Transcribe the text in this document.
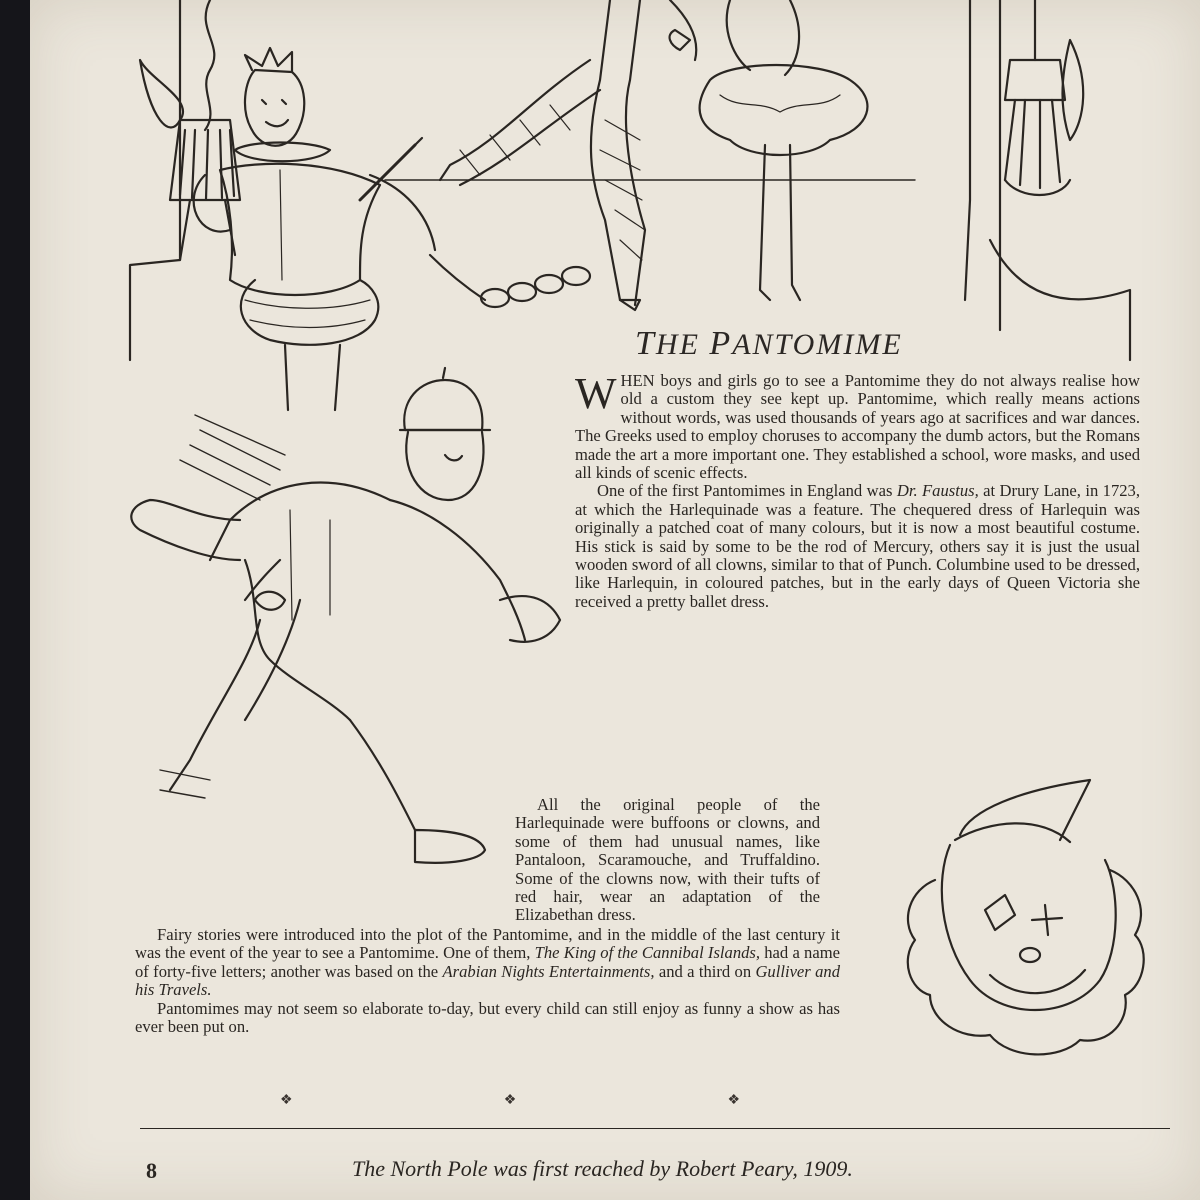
THE PANTOMIME

WHEN boys and girls go to see a Pantomime they do not always realise how old a custom they see kept up. Pantomime, which really means actions without words, was used thousands of years ago at sacrifices and war dances. The Greeks used to employ choruses to accompany the dumb actors, but the Romans made the art a more important one. They established a school, wore masks, and used all kinds of scenic effects.

One of the first Pantomimes in England was Dr. Faustus, at Drury Lane, in 1723, at which the Harlequinade was a feature. The chequered dress of Harlequin was originally a patched coat of many colours, but it is now a most beautiful costume. His stick is said by some to be the rod of Mercury, others say it is just the usual wooden sword of all clowns, similar to that of Punch. Columbine used to be dressed, like Harlequin, in coloured patches, but in the early days of Queen Victoria she received a pretty ballet dress.

All the original people of the Harlequinade were buffoons or clowns, and some of them had unusual names, like Pantaloon, Scaramouche, and Truffaldino. Some of the clowns now, with their tufts of red hair, wear an adaptation of the Elizabethan dress.

Fairy stories were introduced into the plot of the Pantomime, and in the middle of the last century it was the event of the year to see a Pantomime. One of them, The King of the Cannibal Islands, had a name of forty-five letters; another was based on the Arabian Nights Entertainments, and a third on Gulliver and his Travels.

Pantomimes may not seem so elaborate to-day, but every child can still enjoy as funny a show as has ever been put on.

❖	❖	❖
8	The North Pole was first reached by Robert Peary, 1909.
